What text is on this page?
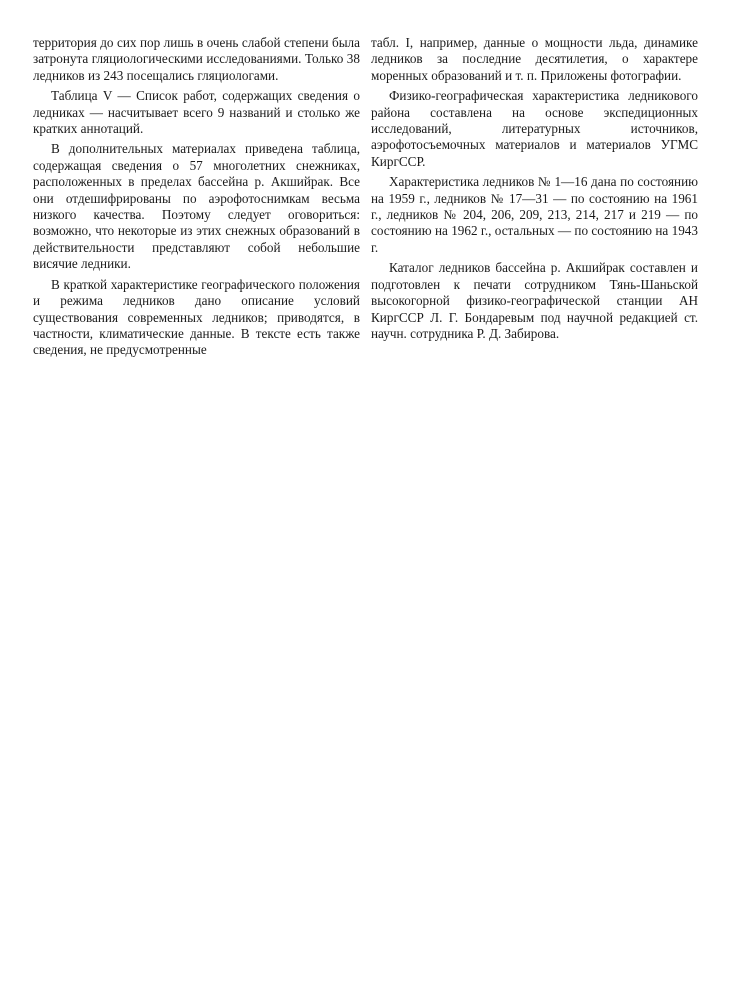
территория до сих пор лишь в очень слабой степени была затронута гляциологическими исследованиями. Только 38 ледников из 243 посещались гляциологами.

Таблица V — Список работ, содержащих сведения о ледниках — насчитывает всего 9 названий и столько же кратких аннотаций.

В дополнительных материалах приведена таблица, содержащая сведения о 57 многолетних снежниках, расположенных в пределах бассейна р. Акшийрак. Все они отдешифрированы по аэрофотоснимкам весьма низкого качества. Поэтому следует оговориться: возможно, что некоторые из этих снежных образований в действительности представляют собой небольшие висячие ледники.

В краткой характеристике географического положения и режима ледников дано описание условий существования современных ледников; приводятся, в частности, климатические данные. В тексте есть также сведения, не предусмотренные

табл. I, например, данные о мощности льда, динамике ледников за последние десятилетия, о характере моренных образований и т. п. Приложены фотографии.

Физико-географическая характеристика ледникового района составлена на основе экспедиционных исследований, литературных источников, аэрофотосъемочных материалов и материалов УГМС КиргССР.

Характеристика ледников № 1—16 дана по состоянию на 1959 г., ледников № 17—31 — по состоянию на 1961 г., ледников № 204, 206, 209, 213, 214, 217 и 219 — по состоянию на 1962 г., остальных — по состоянию на 1943 г.

Каталог ледников бассейна р. Акшийрак составлен и подготовлен к печати сотрудником Тянь-Шаньской высокогорной физико-географической станции АН КиргССР Л. Г. Бондаревым под научной редакцией ст. научн. сотрудника Р. Д. Забирова.
